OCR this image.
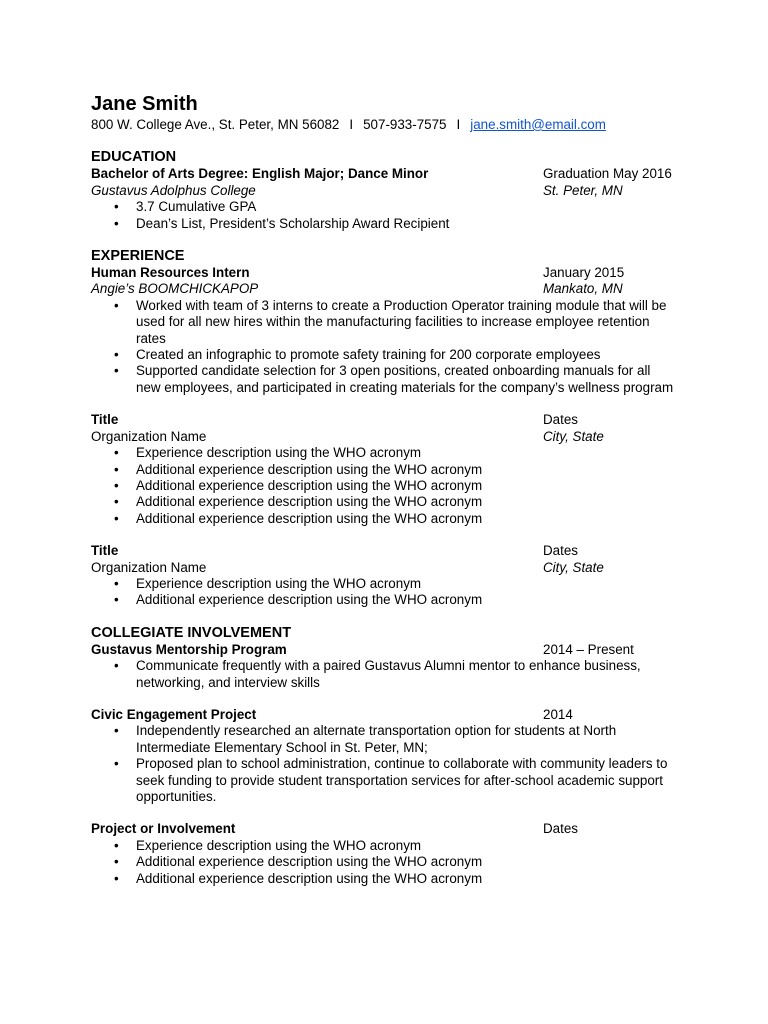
Jane Smith
800 W. College Ave., St. Peter, MN 56082 I 507-933-7575 I jane.smith@email.com
EDUCATION
Bachelor of Arts Degree: English Major; Dance Minor	Graduation May 2016
Gustavus Adolphus College	St. Peter, MN
• 3.7 Cumulative GPA
• Dean’s List, President’s Scholarship Award Recipient
EXPERIENCE
Human Resources Intern	January 2015
Angie’s BOOMCHICKAPOP	Mankato, MN
• Worked with team of 3 interns to create a Production Operator training module that will be used for all new hires within the manufacturing facilities to increase employee retention rates
• Created an infographic to promote safety training for 200 corporate employees
• Supported candidate selection for 3 open positions, created onboarding manuals for all new employees, and participated in creating materials for the company’s wellness program
Title	Dates
Organization Name	City, State
• Experience description using the WHO acronym
• Additional experience description using the WHO acronym
• Additional experience description using the WHO acronym
• Additional experience description using the WHO acronym
• Additional experience description using the WHO acronym
Title	Dates
Organization Name	City, State
• Experience description using the WHO acronym
• Additional experience description using the WHO acronym
COLLEGIATE INVOLVEMENT
Gustavus Mentorship Program	2014 – Present
• Communicate frequently with a paired Gustavus Alumni mentor to enhance business, networking, and interview skills
Civic Engagement Project	2014
• Independently researched an alternate transportation option for students at North Intermediate Elementary School in St. Peter, MN;
• Proposed plan to school administration, continue to collaborate with community leaders to seek funding to provide student transportation services for after-school academic support opportunities.
Project or Involvement	Dates
• Experience description using the WHO acronym
• Additional experience description using the WHO acronym
• Additional experience description using the WHO acronym
